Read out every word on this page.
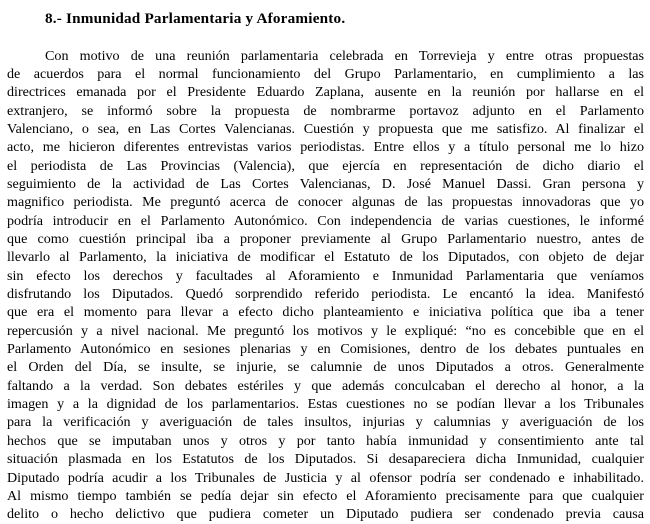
8.- Inmunidad Parlamentaria y Aforamiento.
Con motivo de una reunión parlamentaria celebrada en Torrevieja y entre otras propuestas
de acuerdos para el normal funcionamiento del Grupo Parlamentario, en cumplimiento a las
directrices emanada por el Presidente Eduardo Zaplana, ausente en la reunión por hallarse en el
extranjero, se informó sobre la propuesta de nombrarme portavoz adjunto en el Parlamento
Valenciano, o sea, en Las Cortes Valencianas. Cuestión y propuesta que me satisfizo. Al finalizar el
acto, me hicieron diferentes entrevistas varios periodistas. Entre ellos y a título personal me lo hizo
el periodista de Las Provincias (Valencia), que ejercía en representación de dicho diario el
seguimiento de la actividad de Las Cortes Valencianas, D. José Manuel Dassi. Gran persona y
magnifico periodista. Me preguntó acerca de conocer algunas de las propuestas innovadoras que yo
podría introducir en el Parlamento Autonómico. Con independencia de varias cuestiones, le informé
que como cuestión principal iba a proponer previamente al Grupo Parlamentario nuestro, antes de
llevarlo al Parlamento, la iniciativa de modificar el Estatuto de los Diputados, con objeto de dejar
sin efecto los derechos y facultades al Aforamiento e Inmunidad Parlamentaria que veníamos
disfrutando los Diputados. Quedó sorprendido referido periodista. Le encantó la idea. Manifestó
que era el momento para llevar a efecto dicho planteamiento e iniciativa política que iba a tener
repercusión y a nivel nacional. Me preguntó los motivos y le expliqué: “no es concebible que en el
Parlamento Autonómico en sesiones plenarias y en Comisiones, dentro de los debates puntuales en
el Orden del Día, se insulte, se injurie, se calumnie de unos Diputados a otros. Generalmente
faltando a la verdad. Son debates estériles y que además conculcaban el derecho al honor, a la
imagen y a la dignidad de los parlamentarios. Estas cuestiones no se podían llevar a los Tribunales
para la verificación y averiguación de tales insultos, injurias y calumnias y averiguación de los
hechos que se imputaban unos y otros y por tanto había inmunidad y consentimiento ante tal
situación plasmada en los Estatutos de los Diputados. Si desapareciera dicha Inmunidad, cualquier
Diputado podría acudir a los Tribunales de Justicia y al ofensor podría ser condenado e inhabilitado.
Al mismo tiempo también se pedía dejar sin efecto el Aforamiento precisamente para que cualquier
delito o hecho delictivo que pudiera cometer un Diputado pudiera ser condenado previa causa
